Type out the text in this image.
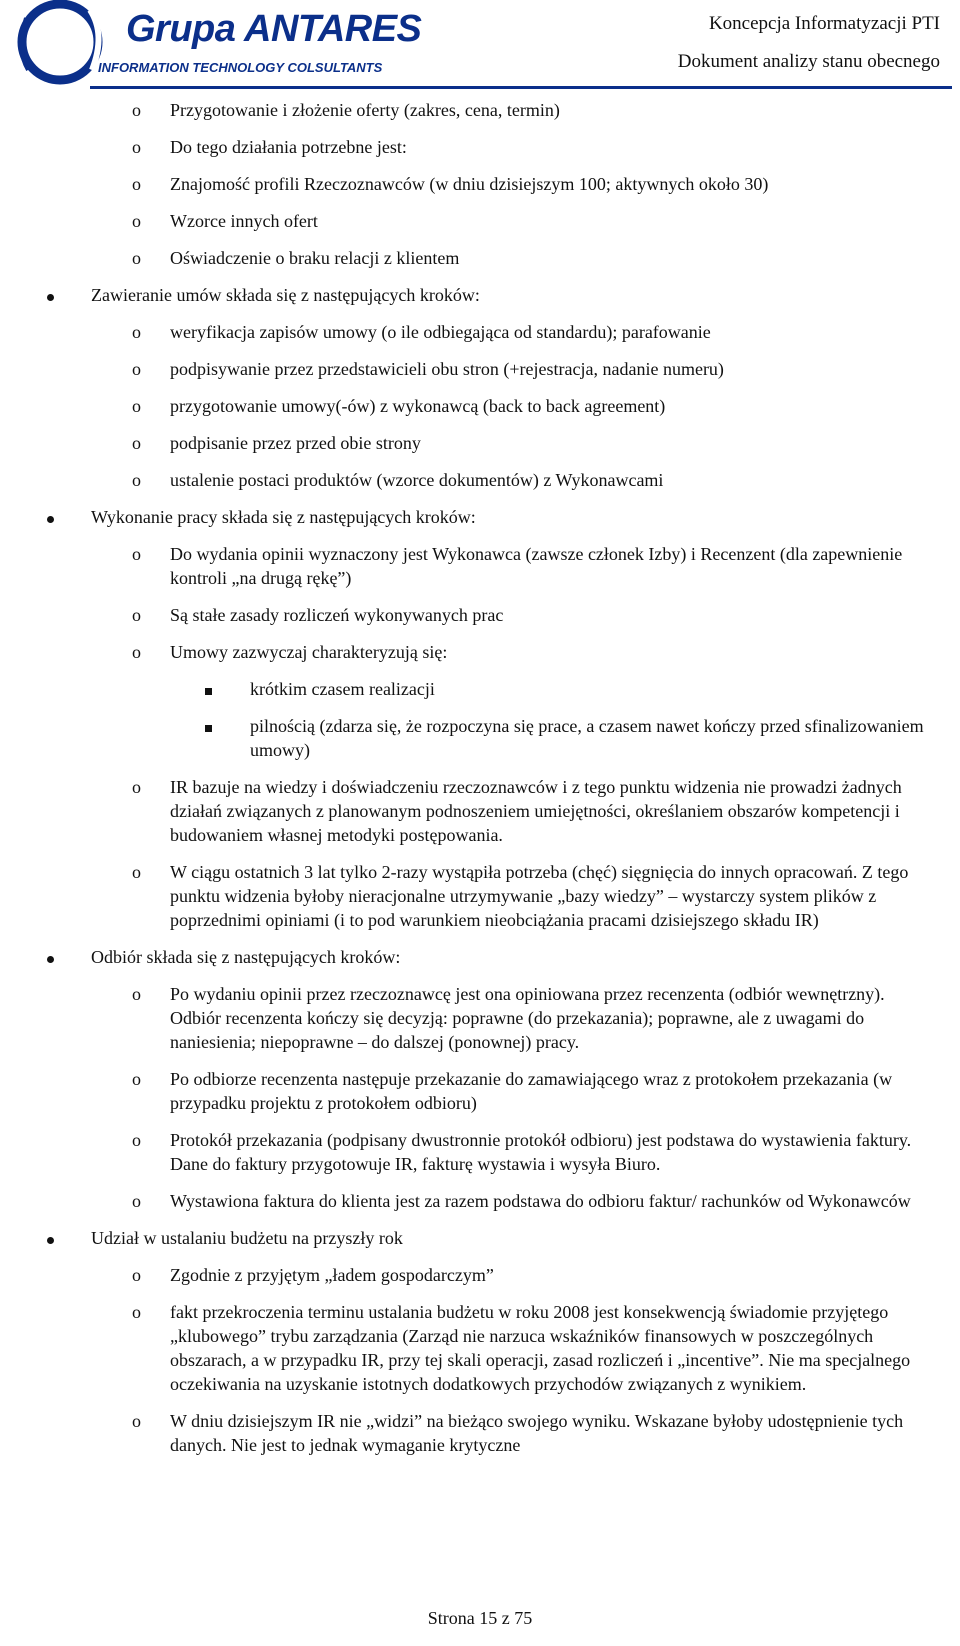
Grupa ANTARES
INFORMATION TECHNOLOGY COLSULTANTS
Koncepcja Informatyzacji PTI
Dokument analizy stanu obecnego
o Przygotowanie i złożenie oferty (zakres, cena, termin)
o Do tego działania potrzebne jest:
o Znajomość profili Rzeczoznawców (w dniu dzisiejszym 100; aktywnych około 30)
o Wzorce innych ofert
o Oświadczenie o braku relacji z klientem
Zawieranie umów składa się z następujących kroków:
o weryfikacja zapisów umowy (o ile odbiegająca od standardu); parafowanie
o podpisywanie przez przedstawicieli obu stron (+rejestracja, nadanie numeru)
o przygotowanie umowy(-ów) z wykonawcą (back to back agreement)
o podpisanie przez przed obie strony
o ustalenie postaci produktów (wzorce dokumentów) z Wykonawcami
Wykonanie pracy składa się z następujących kroków:
o Do wydania opinii wyznaczony jest Wykonawca (zawsze członek Izby) i Recenzent (dla zapewnienie kontroli „na drugą rękę”)
o Są stałe zasady rozliczeń wykonywanych prac
o Umowy zazwyczaj charakteryzują się:
krótkim czasem realizacji
pilnością (zdarza się, że rozpoczyna się prace, a czasem nawet kończy przed sfinalizowaniem umowy)
o IR bazuje na wiedzy i doświadczeniu rzeczoznawców i z tego punktu widzenia nie prowadzi żadnych działań związanych z planowanym podnoszeniem umiejętności, określaniem obszarów kompetencji i budowaniem własnej metodyki postępowania.
o W ciągu ostatnich 3 lat tylko 2-razy wystąpiła potrzeba (chęć) sięgnięcia do innych opracowań. Z tego punktu widzenia byłoby nieracjonalne utrzymywanie „bazy wiedzy” – wystarczy system plików z poprzednimi opiniami (i to pod warunkiem nieobciążania pracami dzisiejszego składu IR)
Odbiór składa się z następujących kroków:
o Po wydaniu opinii przez rzeczoznawcę jest ona opiniowana przez recenzenta (odbiór wewnętrzny). Odbiór recenzenta kończy się decyzją: poprawne (do przekazania); poprawne, ale z uwagami do naniesienia; niepoprawne – do dalszej (ponownej) pracy.
o Po odbiorze recenzenta następuje przekazanie do zamawiającego wraz z protokołem przekazania (w przypadku projektu z protokołem odbioru)
o Protokół przekazania (podpisany dwustronnie protokół odbioru) jest podstawa do wystawienia faktury. Dane do faktury przygotowuje IR, fakturę wystawia i wysyła Biuro.
o Wystawiona faktura do klienta jest za razem podstawa do odbioru faktur/ rachunków od Wykonawców
Udział w ustalaniu budżetu na przyszły rok
o Zgodnie z przyjętym „ładem gospodarczym”
o fakt przekroczenia terminu ustalania budżetu w roku 2008 jest konsekwencją świadomie przyjętego „klubowego” trybu zarządzania (Zarząd nie narzuca wskaźników finansowych w poszczególnych obszarach, a w przypadku IR, przy tej skali operacji, zasad rozliczeń i „incentive”. Nie ma specjalnego oczekiwania na uzyskanie istotnych dodatkowych przychodów związanych z wynikiem.
o W dniu dzisiejszym IR nie „widzi” na bieżąco swojego wyniku. Wskazane byłoby udostępnienie tych danych. Nie jest to jednak wymaganie krytyczne
Strona 15 z 75
